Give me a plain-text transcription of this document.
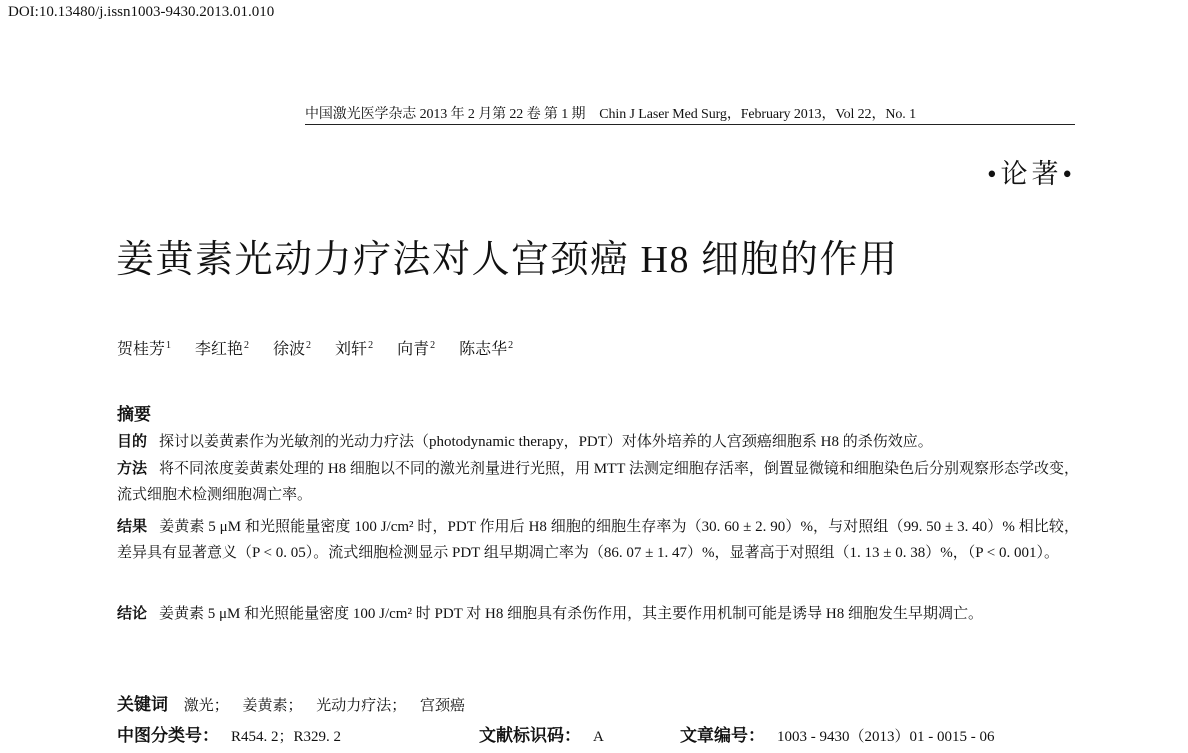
DOI:10.13480/j.issn1003-9430.2013.01.010
中国激光医学杂志 2013 年 2 月第 22 卷 第 1 期　Chin J Laser Med Surg，February 2013，Vol 22，No. 1
•论著•
姜黄素光动力疗法对人宫颈癌 H8 细胞的作用
贺桂芳$^1$ 李红艳$^2$ 徐波$^2$ 刘轩$^2$ 向青$^2$ 陈志华$^2$
摘要
目的 探讨以姜黄素作为光敏剂的光动力疗法（photodynamic therapy，PDT）对体外培养的人宫颈癌细胞系 H8 的杀伤效应。
方法 将不同浓度姜黄素处理的 H8 细胞以不同的激光剂量进行光照，用 MTT 法测定细胞存活率，倒置显微镜和细胞染色后分别观察形态学改变，流式细胞术检测细胞凋亡率。
结果 姜黄素 5 μM 和光照能量密度 100 J/cm² 时，PDT 作用后 H8 细胞的细胞生存率为（30. 60 ± 2. 90）%，与对照组（99. 50 ± 3. 40）% 相比较，差异具有显著意义（P < 0. 05）。流式细胞检测显示 PDT 组早期凋亡率为（86. 07 ± 1. 47）%，显著高于对照组（1. 13 ± 0. 38）%，（P < 0. 001）。
结论 姜黄素 5 μM 和光照能量密度 100 J/cm² 时 PDT 对 H8 细胞具有杀伤作用，其主要作用机制可能是诱导 H8 细胞发生早期凋亡。
关键词 激光； 姜黄素； 光动力疗法； 宫颈癌
中图分类号： R454. 2；R329. 2	文献标识码： A	文章编号： 1003 - 9430（2013）01 - 0015 - 06
